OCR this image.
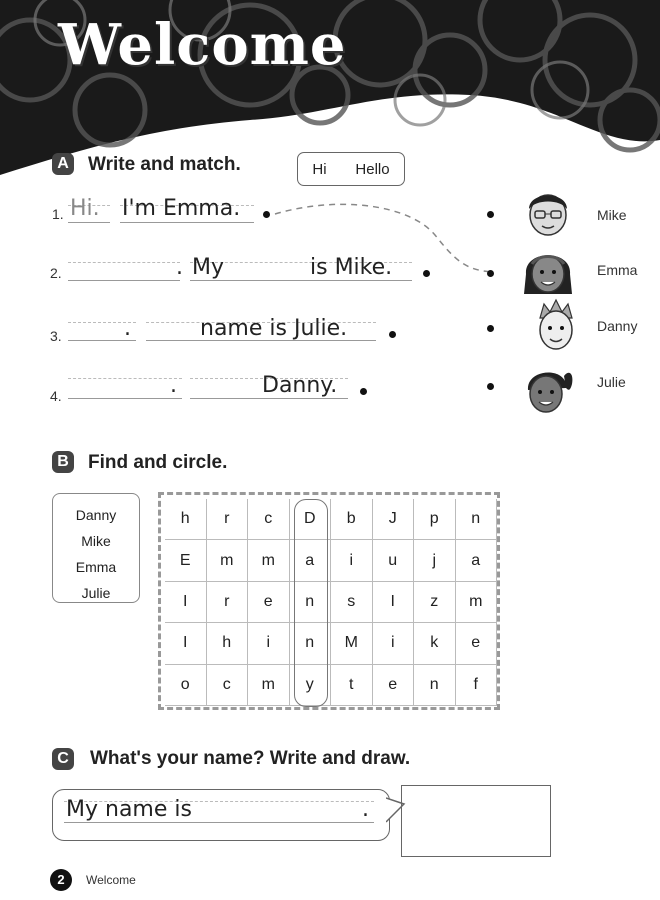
Welcome
A Write and match.	Hi Hello
1. Hi. I'm Emma.
2.	. My	is Mike.
3.	.	name is Julie.
4.	.	Danny.
Mike
Emma
Danny
Julie
B Find and circle.
Danny
Mike
Emma
Julie
h	r	c	D	b	J	p	n
E	m	m	a	i	u	j	a
I	r	e	n	s	I	z	m
I	h	i	n	M	i	k	e
o	c	m	y	t	e	n	f
C What's your name? Write and draw.
My name is	.
2	Welcome
